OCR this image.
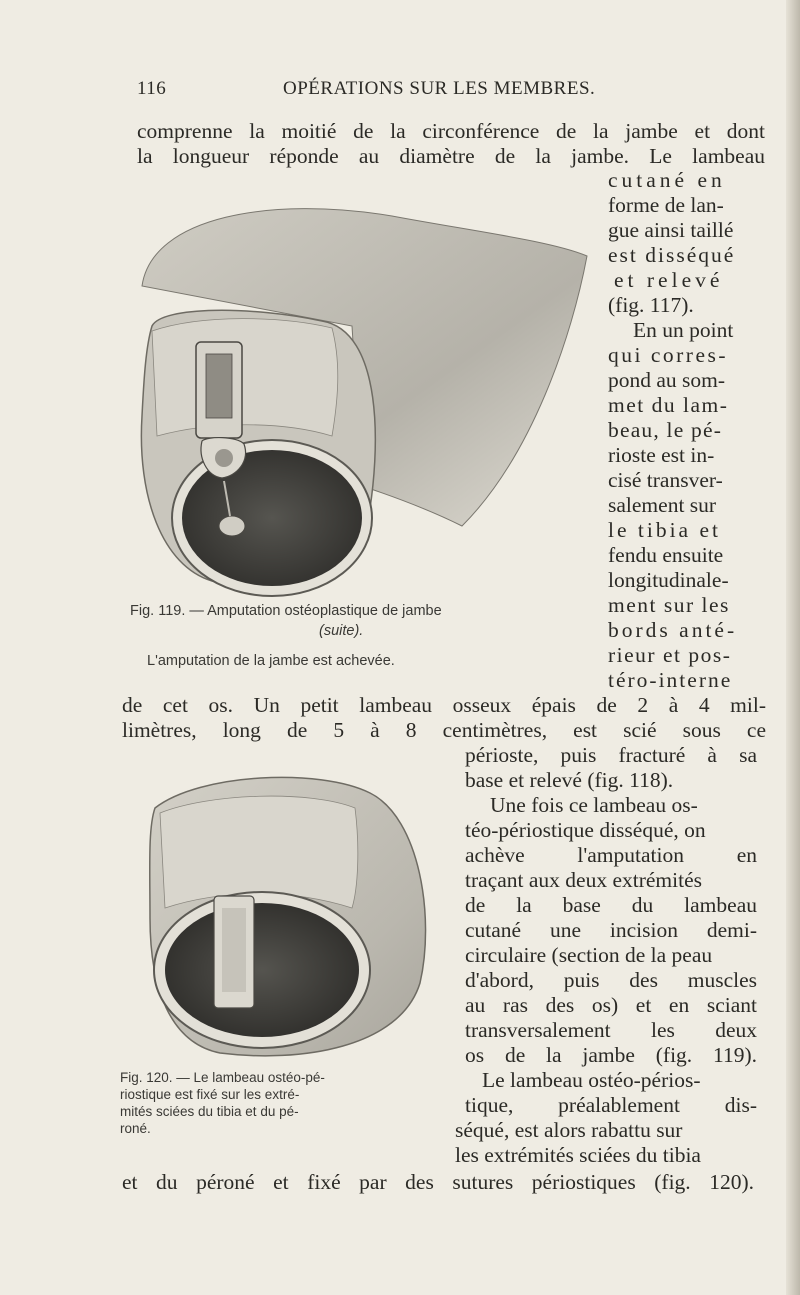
116	OPÉRATIONS SUR LES MEMBRES.
comprenne la moitié de la circonférence de la jambe et dont
la longueur réponde au diamètre de la jambe. Le lambeau
cutané en
forme de lan-
gue ainsi taillé
est disséqué
et relevé
(fig. 117).
En un point
qui corres-
pond au som-
met du lam-
beau, le pé-
rioste est in-
cisé transver-
salement sur
le tibia et
fendu ensuite
longitudinale-
ment sur les
bords anté-
rieur et pos-
téro-interne
de cet os. Un petit lambeau osseux épais de 2 à 4 mil-
limètres, long de 5 à 8 centimètres, est scié sous ce
périoste, puis fracturé à sa
base et relevé (fig. 118).
Une fois ce lambeau os-
téo-périostique disséqué, on
achève l'amputation en
traçant aux deux extrémités
de la base du lambeau
cutané une incision demi-
circulaire (section de la peau
d'abord, puis des muscles
au ras des os) et en sciant
transversalement les deux
os de la jambe (fig. 119).
Le lambeau ostéo-périos-
tique, préalablement dis-
séqué, est alors rabattu sur
les extrémités sciées du tibia
et du péroné et fixé par des sutures périostiques (fig. 120).
Fig. 119. — Amputation ostéoplastique de jambe
(suite).
L'amputation de la jambe est achevée.
Fig. 120. — Le lambeau ostéo-pé-
riostique est fixé sur les extré-
mités sciées du tibia et du pé-
roné.
